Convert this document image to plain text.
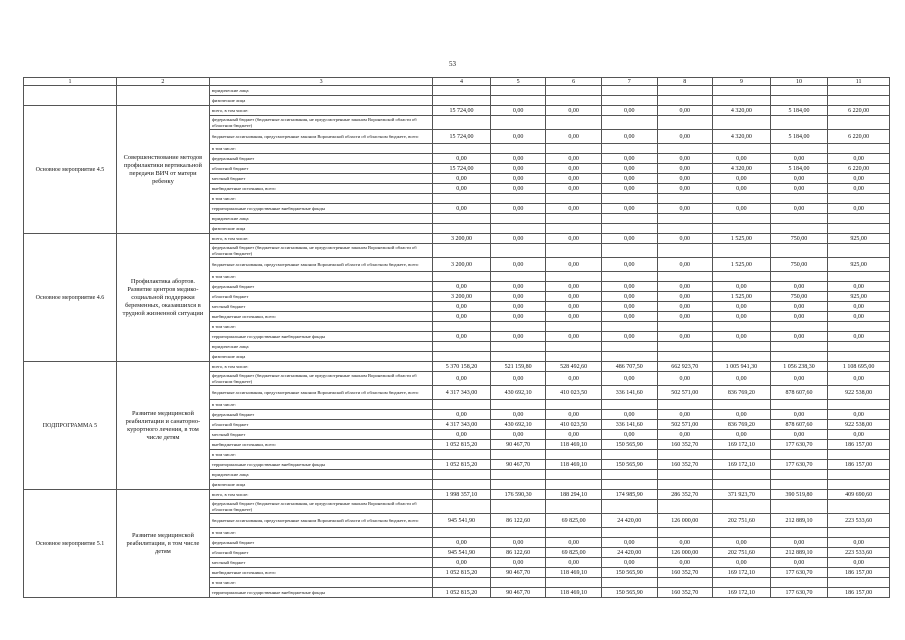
53
1	2	3	4	5	6	7	8	9	10	11
		юридические лица								
		физические лица								
Основное мероприятие 4.5	Совершенствование методов профилактики вертикальной передачи ВИЧ от матери ребенку	всего, в том числе:	15 724,00	0,00	0,00	0,00	0,00	4 320,00	5 184,00	6 220,00
		федеральный бюджет (бюджетные ассигнования, не предусмотренные законом Воронежской области об областном бюджете)								
		бюджетные ассигнования, предусмотренные законом Воронежской области об областном бюджете, всего	15 724,00	0,00	0,00	0,00	0,00	4 320,00	5 184,00	6 220,00
		в том числе:								
		федеральный бюджет	0,00	0,00	0,00	0,00	0,00	0,00	0,00	0,00
		областной бюджет	15 724,00	0,00	0,00	0,00	0,00	4 320,00	5 184,00	6 220,00
		местный бюджет	0,00	0,00	0,00	0,00	0,00	0,00	0,00	0,00
		внебюджетные источники, всего	0,00	0,00	0,00	0,00	0,00	0,00	0,00	0,00
		в том числе:								
		территориальные государственные внебюджетные фонды	0,00	0,00	0,00	0,00	0,00	0,00	0,00	0,00
		юридические лица								
		физические лица								
Основное мероприятие 4.6	Профилактика абортов. Развитие центров медико-социальной поддержки беременных, оказавшихся в трудной жизненной ситуации	всего, в том числе:	3 200,00	0,00	0,00	0,00	0,00	1 525,00	750,00	925,00
		федеральный бюджет (бюджетные ассигнования, не предусмотренные законом Воронежской области об областном бюджете)								
		бюджетные ассигнования, предусмотренные законом Воронежской области об областном бюджете, всего	3 200,00	0,00	0,00	0,00	0,00	1 525,00	750,00	925,00
		в том числе:								
		федеральный бюджет	0,00	0,00	0,00	0,00	0,00	0,00	0,00	0,00
		областной бюджет	3 200,00	0,00	0,00	0,00	0,00	1 525,00	750,00	925,00
		местный бюджет	0,00	0,00	0,00	0,00	0,00	0,00	0,00	0,00
		внебюджетные источники, всего	0,00	0,00	0,00	0,00	0,00	0,00	0,00	0,00
		в том числе:								
		территориальные государственные внебюджетные фонды	0,00	0,00	0,00	0,00	0,00	0,00	0,00	0,00
		юридические лица								
		физические лица								
ПОДПРОГРАММА 5	Развитие медицинской реабилитации и санаторно-курортного лечения, в том числе детям	всего, в том числе:	5 370 158,20	521 159,80	528 492,60	486 707,50	662 923,70	1 005 941,30	1 056 238,30	1 108 695,00
		федеральный бюджет (бюджетные ассигнования, не предусмотренные законом Воронежской области об областном бюджете)	0,00	0,00	0,00	0,00	0,00	0,00	0,00	0,00
		бюджетные ассигнования, предусмотренные законом Воронежской области об областном бюджете, всего	4 317 343,00	430 692,10	410 023,50	336 141,60	502 571,00	836 769,20	878 607,60	922 538,00
		в том числе:								
		федеральный бюджет	0,00	0,00	0,00	0,00	0,00	0,00	0,00	0,00
		областной бюджет	4 317 343,00	430 692,10	410 023,50	336 141,60	502 571,00	836 769,20	878 607,60	922 538,00
		местный бюджет	0,00	0,00	0,00	0,00	0,00	0,00	0,00	0,00
		внебюджетные источники, всего	1 052 815,20	90 467,70	118 469,10	150 565,90	160 352,70	169 172,10	177 630,70	186 157,00
		в том числе:								
		территориальные государственные внебюджетные фонды	1 052 815,20	90 467,70	118 469,10	150 565,90	160 352,70	169 172,10	177 630,70	186 157,00
		юридические лица								
		физические лица								
Основное мероприятие 5.1	Развитие медицинской реабилитации, в том числе детям	всего, в том числе:	1 998 357,10	176 590,30	188 294,10	174 985,90	286 352,70	371 923,70	390 519,80	409 690,60
		федеральный бюджет (бюджетные ассигнования, не предусмотренные законом Воронежской области об областном бюджете)								
		бюджетные ассигнования, предусмотренные законом Воронежской области об областном бюджете, всего	945 541,90	86 122,60	69 825,00	24 420,00	126 000,00	202 751,60	212 889,10	223 533,60
		в том числе:								
		федеральный бюджет	0,00	0,00	0,00	0,00	0,00	0,00	0,00	0,00
		областной бюджет	945 541,90	86 122,60	69 825,00	24 420,00	126 000,00	202 751,60	212 889,10	223 533,60
		местный бюджет	0,00	0,00	0,00	0,00	0,00	0,00	0,00	0,00
		внебюджетные источники, всего	1 052 815,20	90 467,70	118 469,10	150 565,90	160 352,70	169 172,10	177 630,70	186 157,00
		в том числе:								
		территориальные государственные внебюджетные фонды	1 052 815,20	90 467,70	118 469,10	150 565,90	160 352,70	169 172,10	177 630,70	186 157,00
